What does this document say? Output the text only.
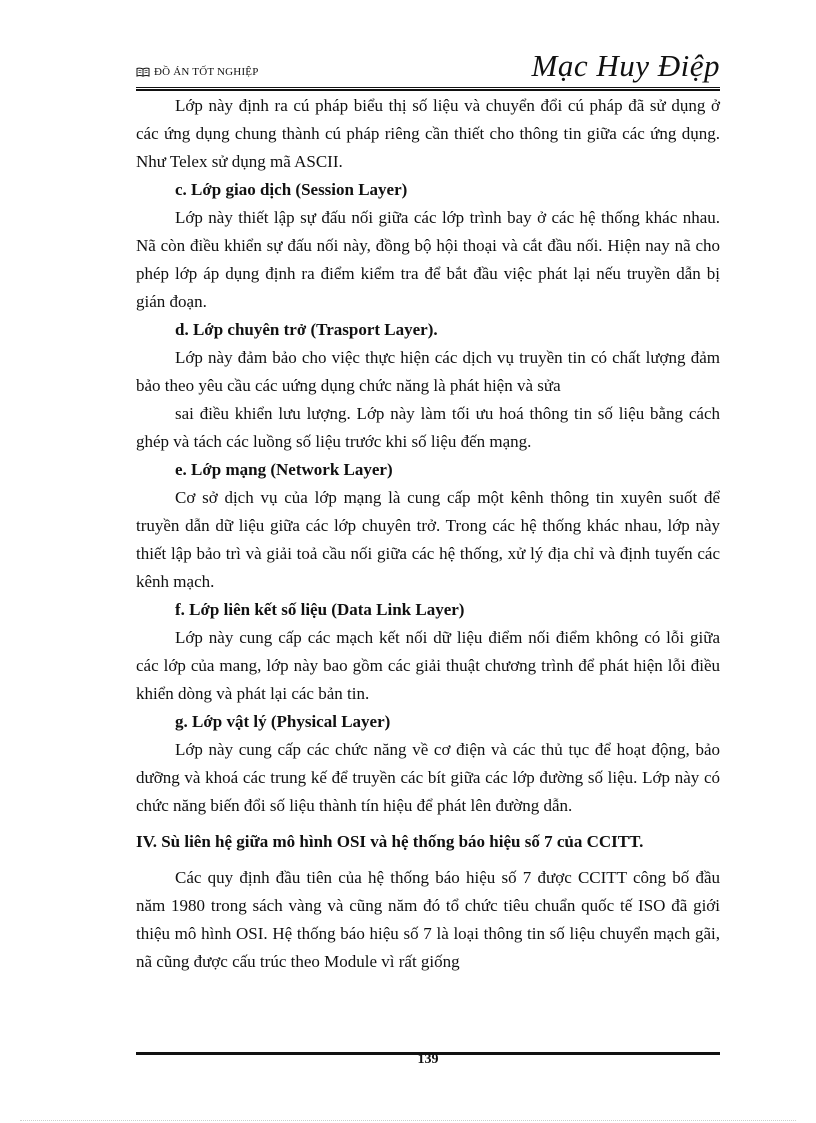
ĐỒ ÁN TỐT NGHIỆP	Mạc Huy Điệp

Lớp này định ra cú pháp biểu thị số liệu và chuyển đổi cú pháp đã sử dụng ở các ứng dụng chung thành cú pháp riêng cần thiết cho thông tin giữa các ứng dụng. Như Telex sử dụng mã ASCII.

c. Lớp giao dịch (Session Layer)

Lớp này thiết lập sự đấu nối giữa các lớp trình bay ở các hệ thống khác nhau. Nã còn điều khiển sự đấu nối này, đồng bộ hội thoại và cắt đầu nối. Hiện nay nã cho phép lớp áp dụng định ra điểm kiểm tra để bắt đầu việc phát lại nếu truyền dẫn bị gián đoạn.

d. Lớp chuyên trở (Trasport Layer).

Lớp này đảm bảo cho việc thực hiện các dịch vụ truyền tin có chất lượng đảm bảo theo yêu cầu các uứng dụng chức năng là phát hiện và sửa

sai điều khiển lưu lượng. Lớp này làm tối ưu hoá thông tin số liệu bằng cách ghép và tách các luồng số liệu trước khi số liệu đến mạng.

e. Lớp mạng (Network Layer)

Cơ sở dịch vụ của lớp mạng là cung cấp một kênh thông tin xuyên suốt để truyền dẫn dữ liệu giữa các lớp chuyên trở. Trong các hệ thống khác nhau, lớp này thiết lập bảo trì và giải toả cầu nối giữa các hệ thống, xử lý địa chỉ và định tuyến các kênh mạch.

f. Lớp liên kết số liệu (Data Link Layer)

Lớp này cung cấp các mạch kết nối dữ liệu điểm nối điểm không có lỗi giữa các lớp của mang, lớp này bao gồm các giải thuật chương trình để phát hiện lỗi điều khiển dòng và phát lại các bản tin.

g. Lớp vật lý (Physical Layer)

Lớp này cung cấp các chức năng về cơ điện và các thủ tục để hoạt động, bảo dưỡng và khoá các trung kế để truyền các bít giữa các lớp đường số liệu. Lớp này có chức năng biến đổi số liệu thành tín hiệu để phát lên đường dẫn.

IV. Sù liên hệ giữa mô hình OSI và hệ thống báo hiệu số 7 của CCITT.

Các quy định đầu tiên của hệ thống báo hiệu số 7 được CCITT công bố đầu năm 1980 trong sách vàng và cũng năm đó tổ chức tiêu chuẩn quốc tế ISO đã giới thiệu mô hình OSI. Hệ thống báo hiệu số 7 là loại thông tin số liệu chuyển mạch gãi, nã cũng được cấu trúc theo Module vì rất giống

139
